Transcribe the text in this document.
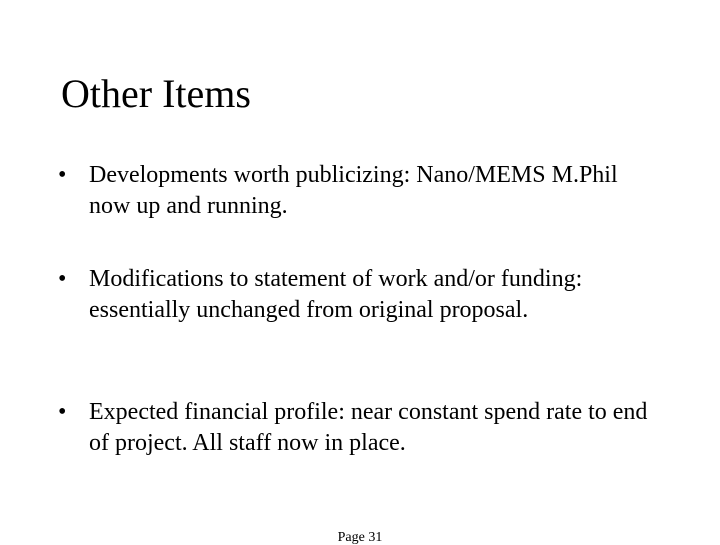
Other Items
• Developments worth publicizing: Nano/MEMS M.Phil now up and running.
• Modifications to statement of work and/or funding: essentially unchanged from original proposal.
• Expected financial profile: near constant spend rate to end of project. All staff now in place.
Page 31
